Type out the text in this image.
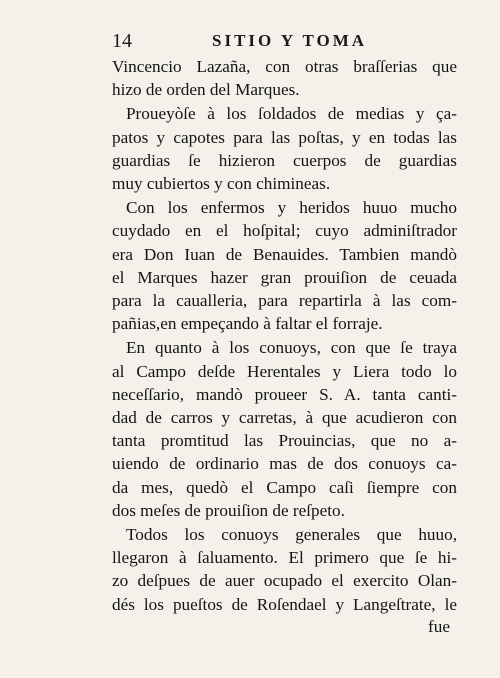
14	SITIO Y TOMA
Vincencio Lazaña, con otras braſſerias que
hizo de orden del Marques.
Proueyòſe à los ſoldados de medias y ça-
patos y capotes para las poſtas, y en todas las
guardias ſe hizieron cuerpos de guardias
muy cubiertos y con chimineas.
Con los enfermos y heridos huuo mucho
cuydado en el hoſpital; cuyo adminiſtrador
era Don Iuan de Benauides. Tambien mandò
el Marques hazer gran prouiſion de ceuada
para la caualleria, para repartirla à las com-
pañias,en empeçando à faltar el forraje.
En quanto à los conuoys, con que ſe traya
al Campo deſde Herentales y Liera todo lo
neceſſario, mandò proueer S. A. tanta canti-
dad de carros y carretas, à que acudieron con
tanta promtitud las Prouincias, que no a-
uiendo de ordinario mas de dos conuoys ca-
da mes, quedò el Campo caſi ſiempre con
dos meſes de prouiſion de reſpeto.
Todos los conuoys generales que huuo,
llegaron à ſaluamento. El primero que ſe hi-
zo deſpues de auer ocupado el exercito Olan-
dés los pueſtos de Roſendael y Langeſtrate, le
fue
